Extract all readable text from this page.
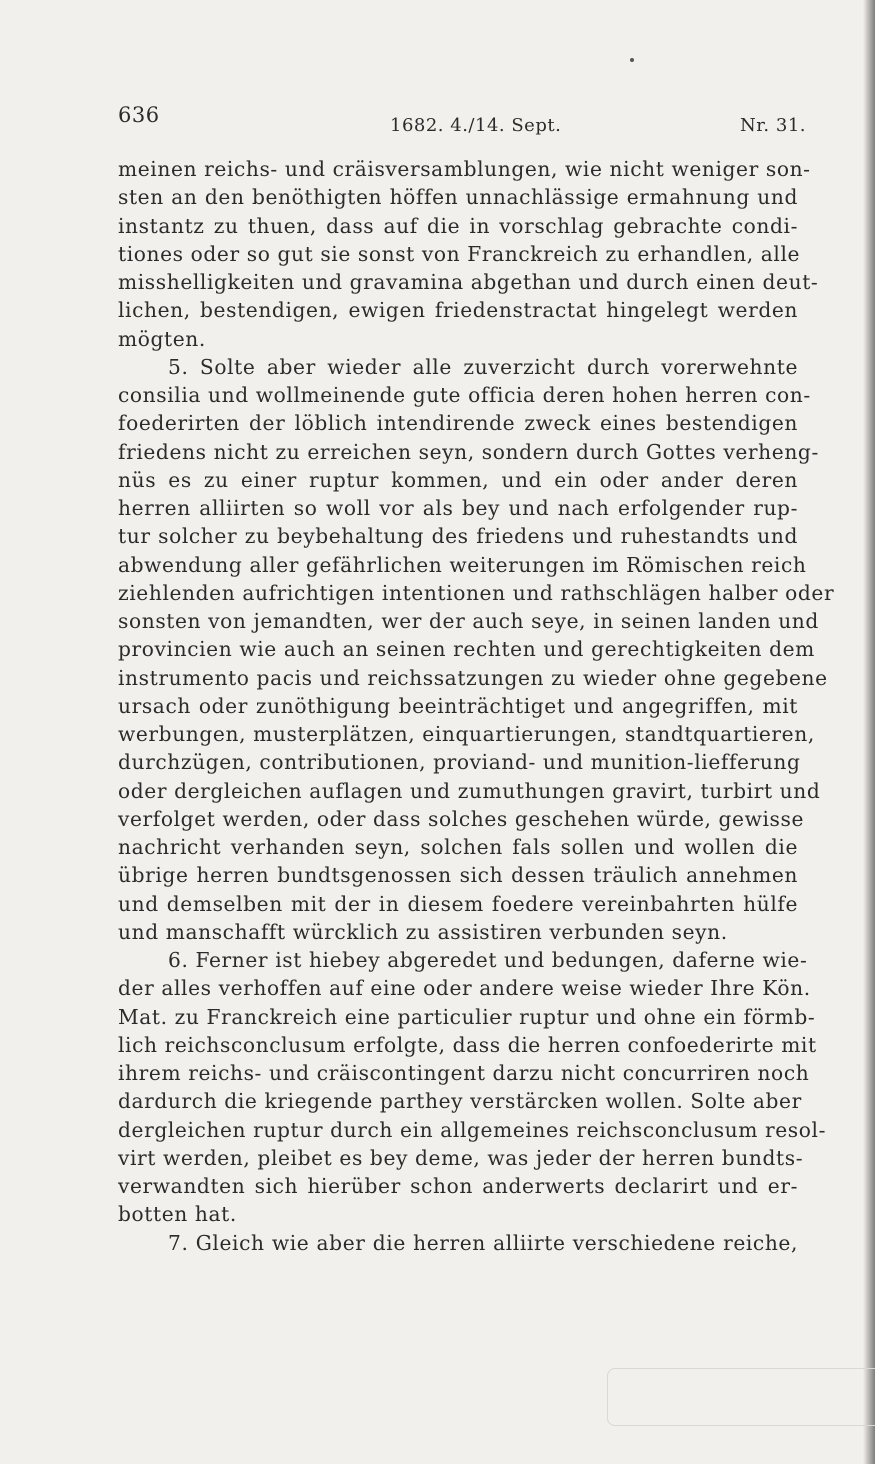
636	1682. 4./14. Sept.	Nr. 31.
meinen reichs- und cräisversamblungen, wie nicht weniger son-
sten an den benöthigten höffen unnachlässige ermahnung und
instantz zu thuen, dass auf die in vorschlag gebrachte condi-
tiones oder so gut sie sonst von Franckreich zu erhandlen, alle
misshelligkeiten und gravamina abgethan und durch einen deut-
lichen, bestendigen, ewigen friedenstractat hingelegt werden
mögten.
5. Solte aber wieder alle zuverzicht durch vorerwehnte
consilia und wollmeinende gute officia deren hohen herren con-
foederirten der löblich intendirende zweck eines bestendigen
friedens nicht zu erreichen seyn, sondern durch Gottes verheng-
nüs es zu einer ruptur kommen, und ein oder ander deren
herren alliirten so woll vor als bey und nach erfolgender rup-
tur solcher zu beybehaltung des friedens und ruhestandts und
abwendung aller gefährlichen weiterungen im Römischen reich
ziehlenden aufrichtigen intentionen und rathschlägen halber oder
sonsten von jemandten, wer der auch seye, in seinen landen und
provincien wie auch an seinen rechten und gerechtigkeiten dem
instrumento pacis und reichssatzungen zu wieder ohne gegebene
ursach oder zunöthigung beeinträchtiget und angegriffen, mit
werbungen, musterplätzen, einquartierungen, standtquartieren,
durchzügen, contributionen, proviand- und munition-liefferung
oder dergleichen auflagen und zumuthungen gravirt, turbirt und
verfolget werden, oder dass solches geschehen würde, gewisse
nachricht verhanden seyn, solchen fals sollen und wollen die
übrige herren bundtsgenossen sich dessen träulich annehmen
und demselben mit der in diesem foedere vereinbahrten hülfe
und manschafft würcklich zu assistiren verbunden seyn.
6. Ferner ist hiebey abgeredet und bedungen, daferne wie-
der alles verhoffen auf eine oder andere weise wieder Ihre Kön.
Mat. zu Franckreich eine particulier ruptur und ohne ein förmb-
lich reichsconclusum erfolgte, dass die herren confoederirte mit
ihrem reichs- und cräiscontingent darzu nicht concurriren noch
dardurch die kriegende parthey verstärcken wollen. Solte aber
dergleichen ruptur durch ein allgemeines reichsconclusum resol-
virt werden, pleibet es bey deme, was jeder der herren bundts-
verwandten sich hierüber schon anderwerts declarirt und er-
botten hat.
7. Gleich wie aber die herren alliirte verschiedene reiche,
